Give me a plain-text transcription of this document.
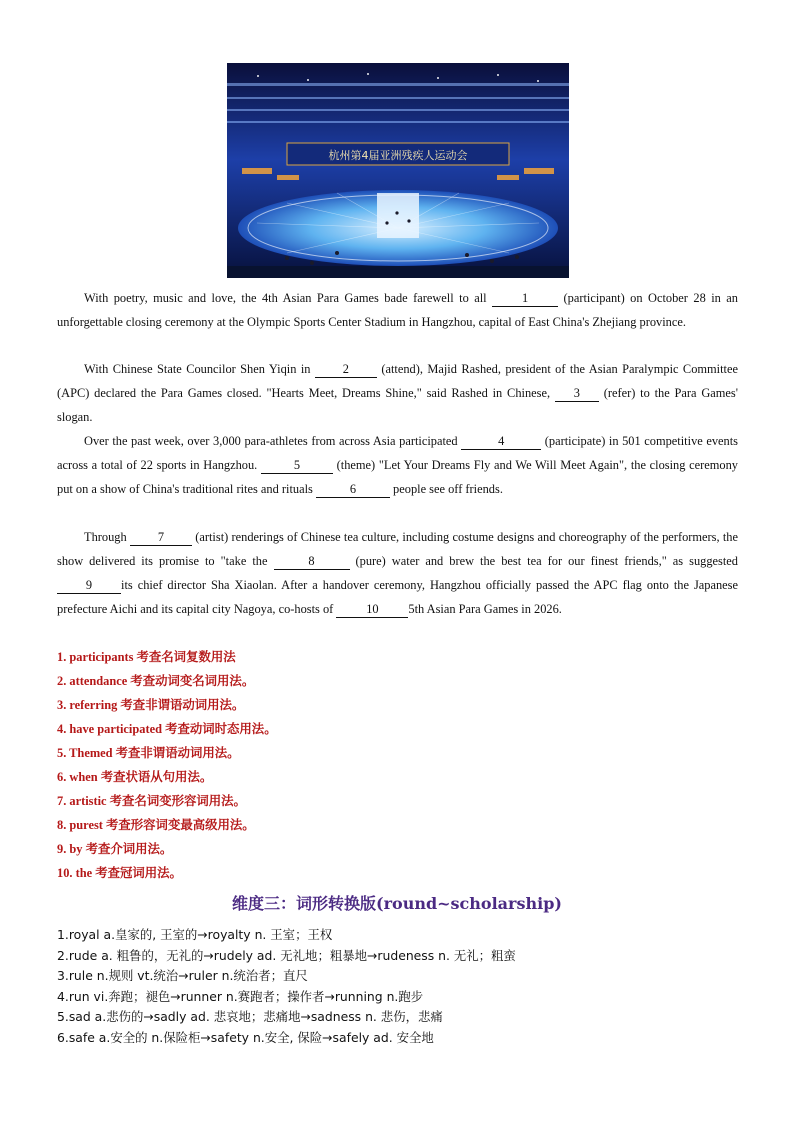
杭州第4届亚洲残疾人运动会

With poetry, music and love, the 4th Asian Para Games bade farewell to all 1 (participant) on October 28 in an unforgettable closing ceremony at the Olympic Sports Center Stadium in Hangzhou, capital of East China's Zhejiang province.

With Chinese State Councilor Shen Yiqin in 2 (attend), Majid Rashed, president of the Asian Paralympic Committee (APC) declared the Para Games closed. "Hearts Meet, Dreams Shine," said Rashed in Chinese, 3 (refer) to the Para Games' slogan.

Over the past week, over 3,000 para-athletes from across Asia participated	4	(participate) in 501 competitive events across a total of 22 sports in Hangzhou.	5	(theme) "Let Your Dreams Fly and We Will Meet Again", the closing ceremony put on a show of China's traditional rites and rituals	6	people see off friends.

Through 7 (artist) renderings of Chinese tea culture, including costume designs and choreography of the performers, the show delivered its promise to "take the	8	(pure) water and brew the best tea for our finest friends," as suggested 9 its chief director Sha Xiaolan. After a handover ceremony, Hangzhou officially passed the APC flag onto the Japanese prefecture Aichi and its capital city Nagoya, co-hosts of 10 5th Asian Para Games in 2026.

1. participants 考查名词复数用法
2. attendance 考查动词变名词用法。
3. referring 考查非谓语动词用法。
4. have participated 考查动词时态用法。
5. Themed 考查非谓语动词用法。
6. when 考查状语从句用法。
7. artistic 考查名词变形容词用法。
8. purest 考查形容词变最高级用法。
9. by 考查介词用法。
10. the 考查冠词用法。
维度三：词形转换版(round~scholarship)
1.royal a.皇家的, 王室的→royalty n. 王室；王权
2.rude a. 粗鲁的，无礼的→rudely ad. 无礼地；粗暴地→rudeness n. 无礼；粗蛮
3.rule n.规则 vt.统治→ruler n.统治者；直尺
4.run vi.奔跑；褪色→runner n.赛跑者；操作者→running n.跑步
5.sad a.悲伤的→sadly ad. 悲哀地；悲痛地→sadness n. 悲伤，悲痛
6.safe a.安全的 n.保险柜→safety n.安全, 保险→safely ad. 安全地
